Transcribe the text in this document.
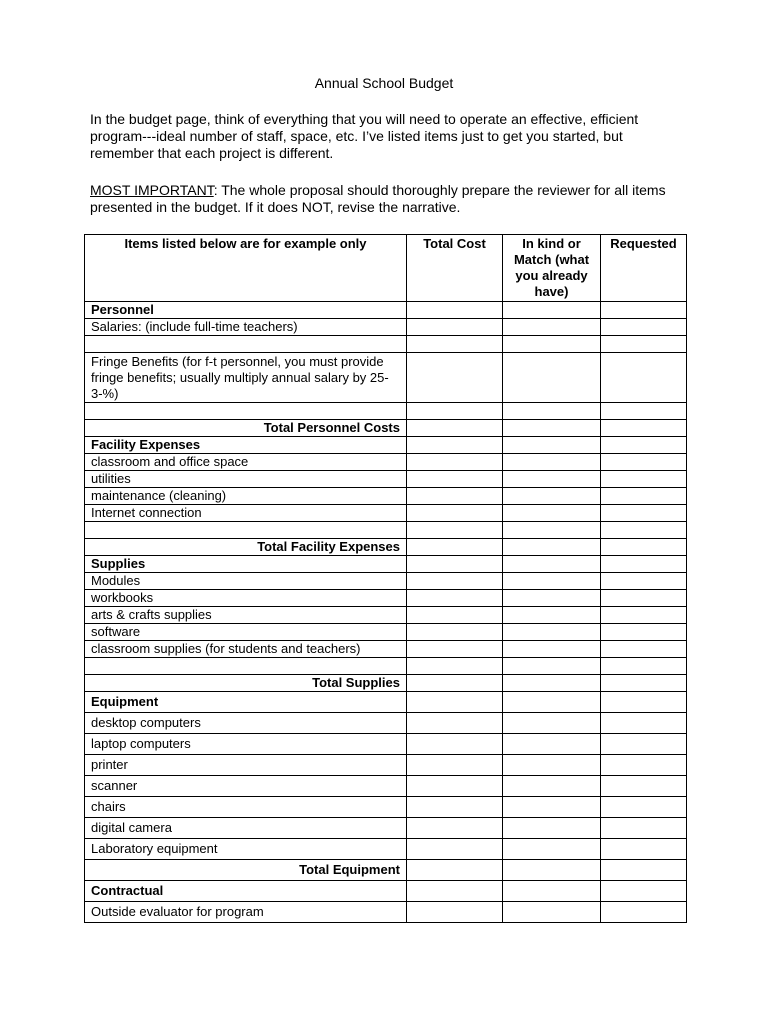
Annual School Budget
In the budget page, think of everything that you will need to operate an effective, efficient program---ideal number of staff, space, etc. I’ve listed items just to get you started, but remember that each project is different.
MOST IMPORTANT: The whole proposal should thoroughly prepare the reviewer for all items presented in the budget. If it does NOT, revise the narrative.
Items listed below are for example only	Total Cost	In kind or Match (what you already have)	Requested
Personnel			
Salaries: (include full-time teachers)			

Fringe Benefits (for f-t personnel, you must provide fringe benefits; usually multiply annual salary by 25-3-%)			

Total Personnel Costs			
Facility Expenses			
classroom and office space			
utilities			
maintenance (cleaning)			
Internet connection			

Total Facility Expenses			
Supplies			
Modules			
workbooks			
arts & crafts supplies			
software			
classroom supplies (for students and teachers)			

Total Supplies			
Equipment			
desktop computers			
laptop computers			
printer			
scanner			
chairs			
digital camera			
Laboratory equipment			
Total Equipment			
Contractual			
Outside evaluator for program			
